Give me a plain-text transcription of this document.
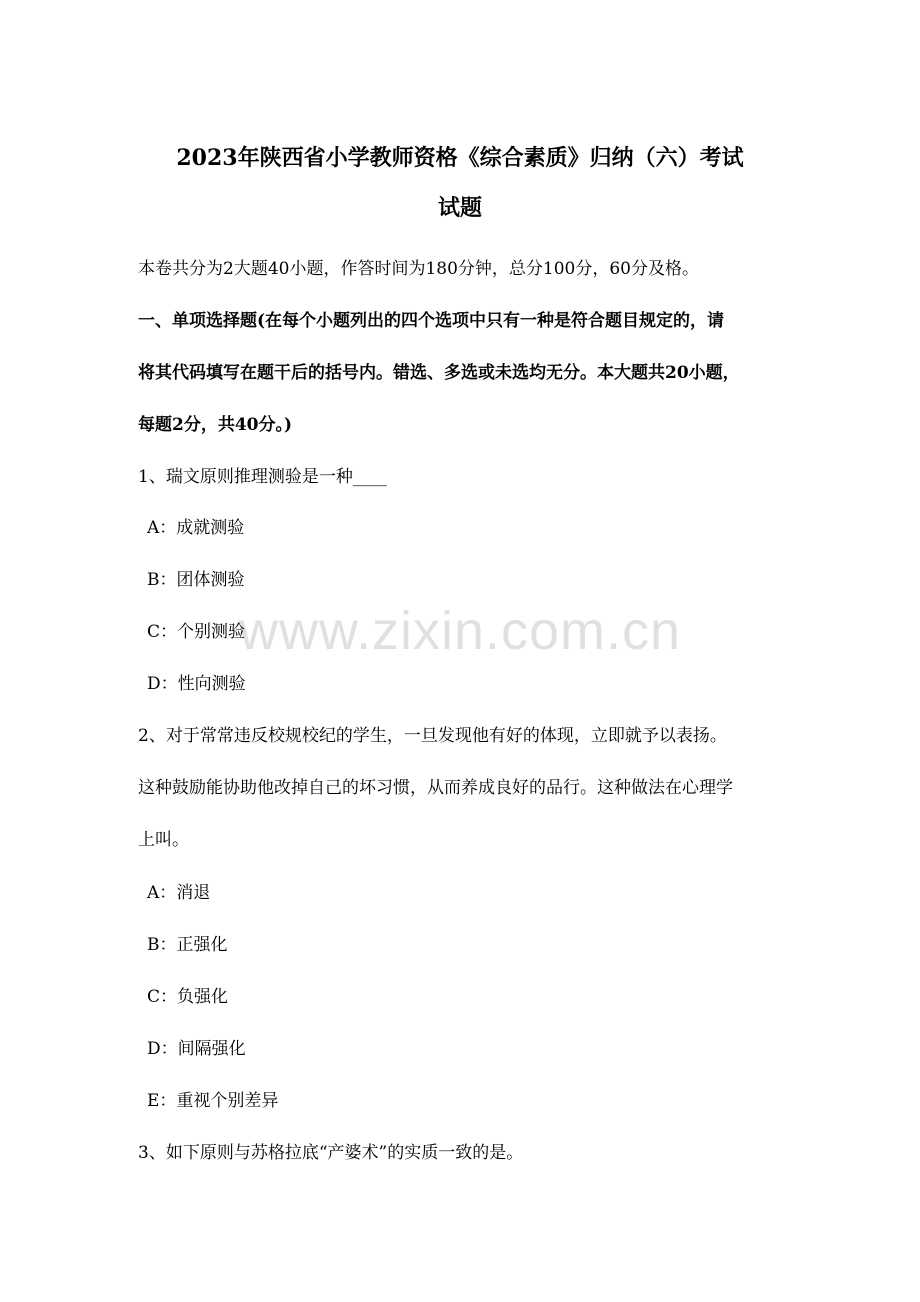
2023年陕西省小学教师资格《综合素质》归纳（六）考试
试题
本卷共分为2大题40小题，作答时间为180分钟，总分100分，60分及格。
一、单项选择题(在每个小题列出的四个选项中只有一种是符合题目规定的，请
将其代码填写在题干后的括号内。错选、多选或未选均无分。本大题共20小题，
每题2分，共40分。)
1、瑞文原则推理测验是一种____
A：成就测验
B：团体测验
C：个别测验
D：性向测验
2、对于常常违反校规校纪的学生，一旦发现他有好的体现，立即就予以表扬。
这种鼓励能协助他改掉自己的坏习惯，从而养成良好的品行。这种做法在心理学
上叫。
A：消退
B：正强化
C：负强化
D：间隔强化
E：重视个别差异
3、如下原则与苏格拉底“产婆术”的实质一致的是。
www.zixin.com.cn
